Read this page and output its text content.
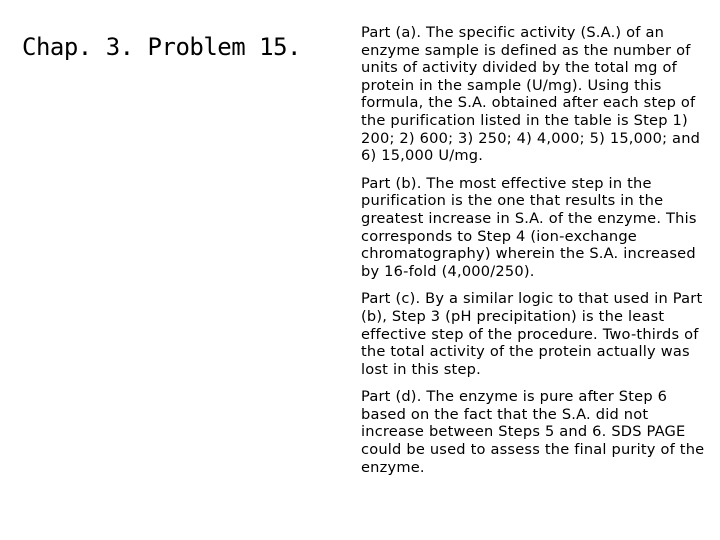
Chap. 3. Problem 15.

Part (a). The specific activity (S.A.) of an enzyme sample is defined as the number of units of activity divided by the total mg of protein in the sample (U/mg). Using this formula, the S.A. obtained after each step of the purification listed in the table is Step 1) 200; 2) 600; 3) 250; 4) 4,000; 5) 15,000; and 6) 15,000 U/mg.

Part (b). The most effective step in the purification is the one that results in the greatest increase in S.A. of the enzyme. This corresponds to Step 4 (ion-exchange chromatography) wherein the S.A. increased by 16-fold (4,000/250).

Part (c). By a similar logic to that used in Part (b), Step 3 (pH precipitation) is the least effective step of the procedure. Two-thirds of the total activity of the protein actually was lost in this step.

Part (d). The enzyme is pure after Step 6 based on the fact that the S.A. did not increase between Steps 5 and 6. SDS PAGE could be used to assess the final purity of the enzyme.
